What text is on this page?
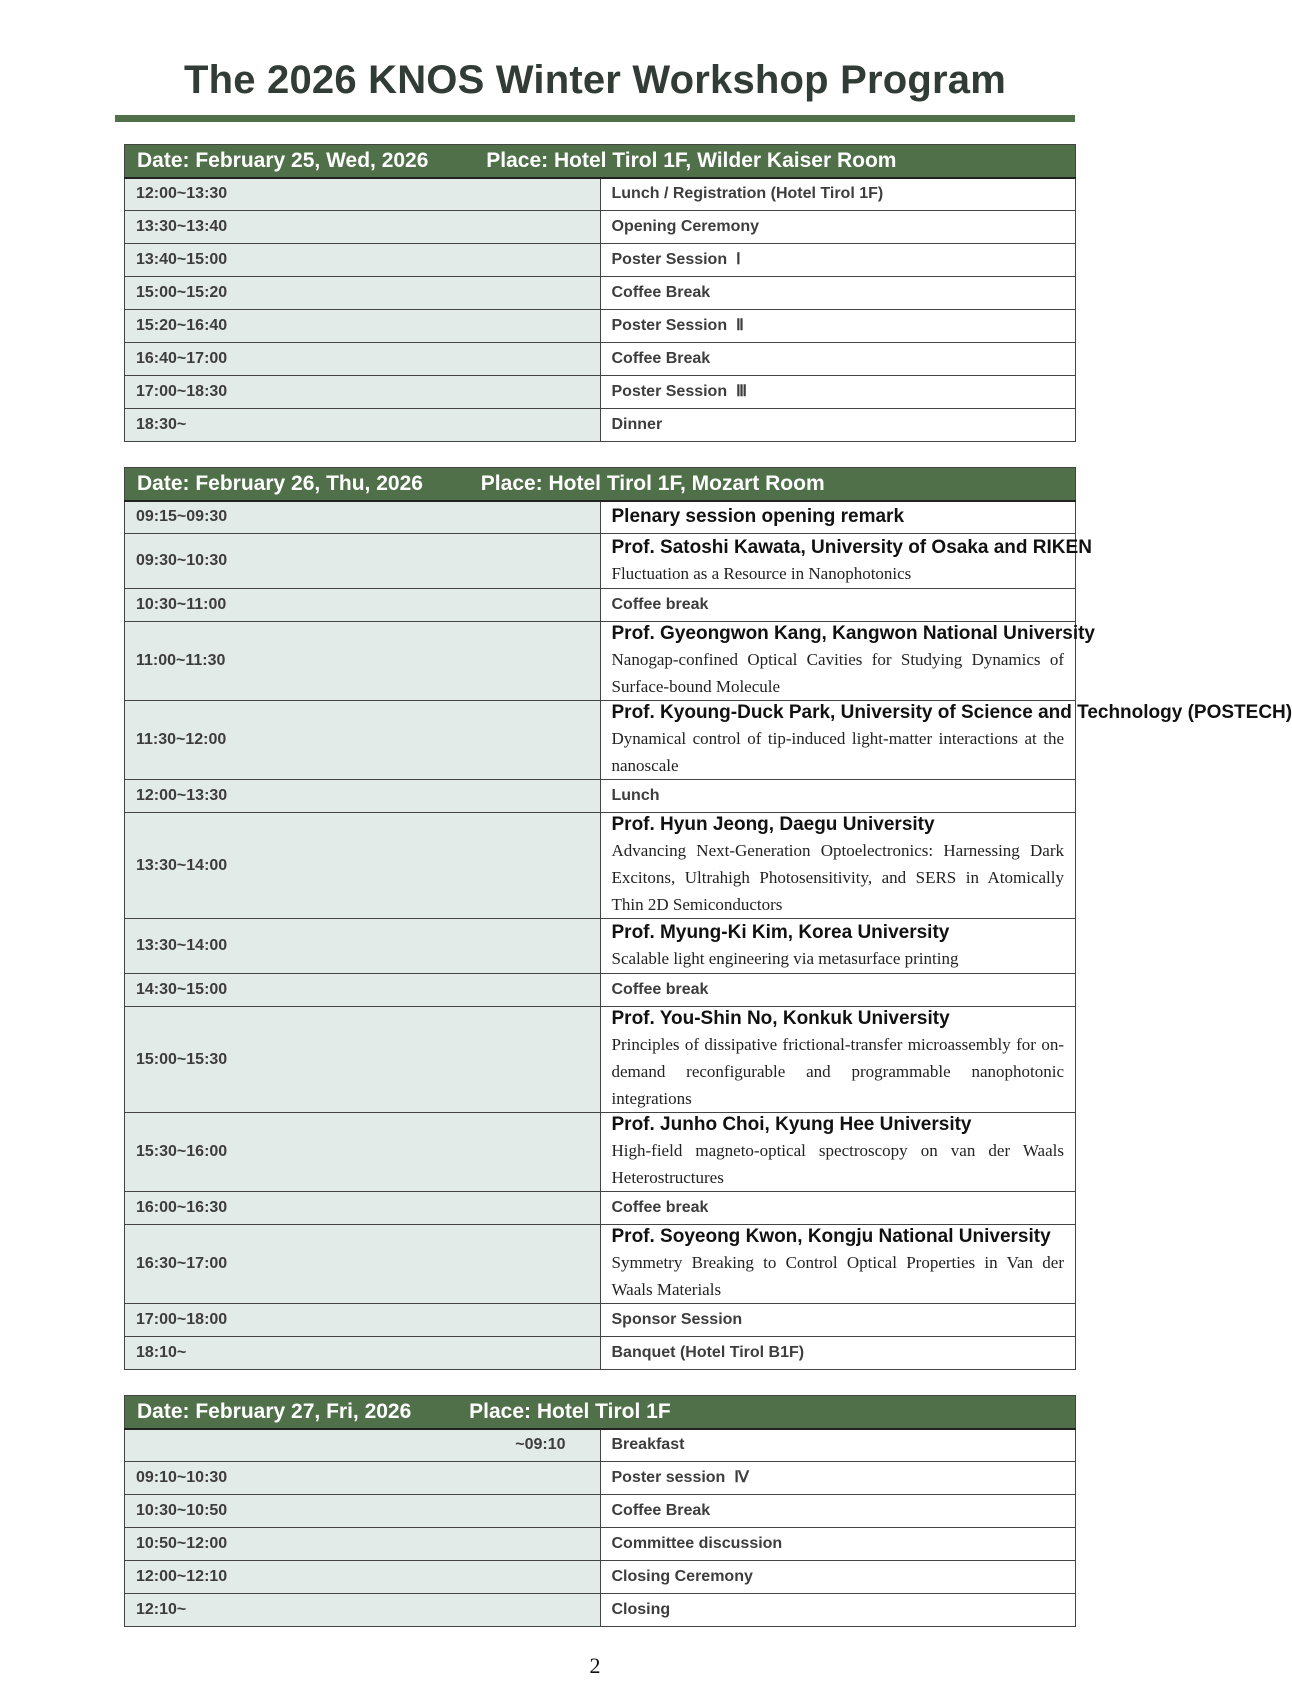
The 2026 KNOS Winter Workshop Program
Date: February 25, Wed, 2026 Place: Hotel Tirol 1F, Wilder Kaiser Room	
12:00~13:30	Lunch / Registration (Hotel Tirol 1F)
13:30~13:40	Opening Ceremony
13:40~15:00	Poster Session  Ⅰ
15:00~15:20	Coffee Break
15:20~16:40	Poster Session  Ⅱ
16:40~17:00	Coffee Break
17:00~18:30	Poster Session  Ⅲ
18:30~	Dinner
Date: February 26, Thu, 2026 Place: Hotel Tirol 1F, Mozart Room	
09:15~09:30	Plenary session opening remark
09:30~10:30	Prof. Satoshi Kawata, University of Osaka and RIKEN
Fluctuation as a Resource in Nanophotonics

10:30~11:00	Coffee break
11:00~11:30	Prof. Gyeongwon Kang, Kangwon National University
Nanogap-confined Optical Cavities for Studying Dynamics of Surface-bound Molecule

11:30~12:00	Prof. Kyoung-Duck Park, University of Science and Technology (POSTECH)
Dynamical control of tip-induced light-matter interactions at the nanoscale

12:00~13:30	Lunch
13:30~14:00	Prof. Hyun Jeong, Daegu University
Advancing Next-Generation Optoelectronics: Harnessing Dark Excitons, Ultrahigh Photosensitivity, and SERS in Atomically Thin 2D Semiconductors

13:30~14:00	Prof. Myung-Ki Kim, Korea University
Scalable light engineering via metasurface printing

14:30~15:00	Coffee break
15:00~15:30	Prof. You-Shin No, Konkuk University
Principles of dissipative frictional-transfer microassembly for on-demand reconfigurable and programmable nanophotonic integrations

15:30~16:00	Prof. Junho Choi, Kyung Hee University
High-field magneto-optical spectroscopy on van der Waals Heterostructures

16:00~16:30	Coffee break
16:30~17:00	Prof. Soyeong Kwon, Kongju National University
Symmetry Breaking to Control Optical Properties in Van der Waals Materials

17:00~18:00	Sponsor Session
18:10~	Banquet (Hotel Tirol B1F)
Date: February 27, Fri, 2026 Place: Hotel Tirol 1F	
~09:10	Breakfast
09:10~10:30	Poster session  Ⅳ
10:30~10:50	Coffee Break
10:50~12:00	Committee discussion
12:00~12:10	Closing Ceremony
12:10~	Closing
2
